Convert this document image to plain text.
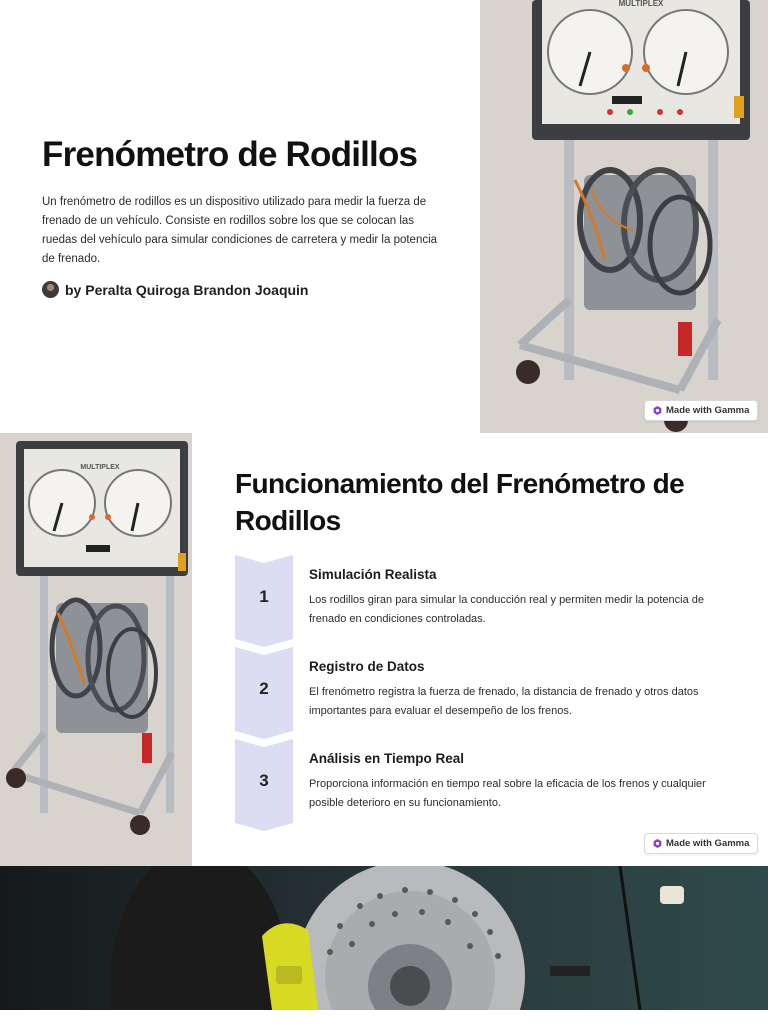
Frenómetro de Rodillos

Un frenómetro de rodillos es un dispositivo utilizado para medir la fuerza de frenado de un vehículo. Consiste en rodillos sobre los que se colocan las ruedas del vehículo para simular condiciones de carretera y medir la potencia de frenado.

by Peralta Quiroga Brandon Joaquin
MULTIPLEX
Made with Gamma
MULTIPLEX
Funcionamiento del Frenómetro de Rodillos
1
Simulación Realista

Los rodillos giran para simular la conducción real y permiten medir la potencia de frenado en condiciones controladas.

2
Registro de Datos

El frenómetro registra la fuerza de frenado, la distancia de frenado y otros datos importantes para evaluar el desempeño de los frenos.

3
Análisis en Tiempo Real

Proporciona información en tiempo real sobre la eficacia de los frenos y cualquier posible deterioro en su funcionamiento.

Made with Gamma
